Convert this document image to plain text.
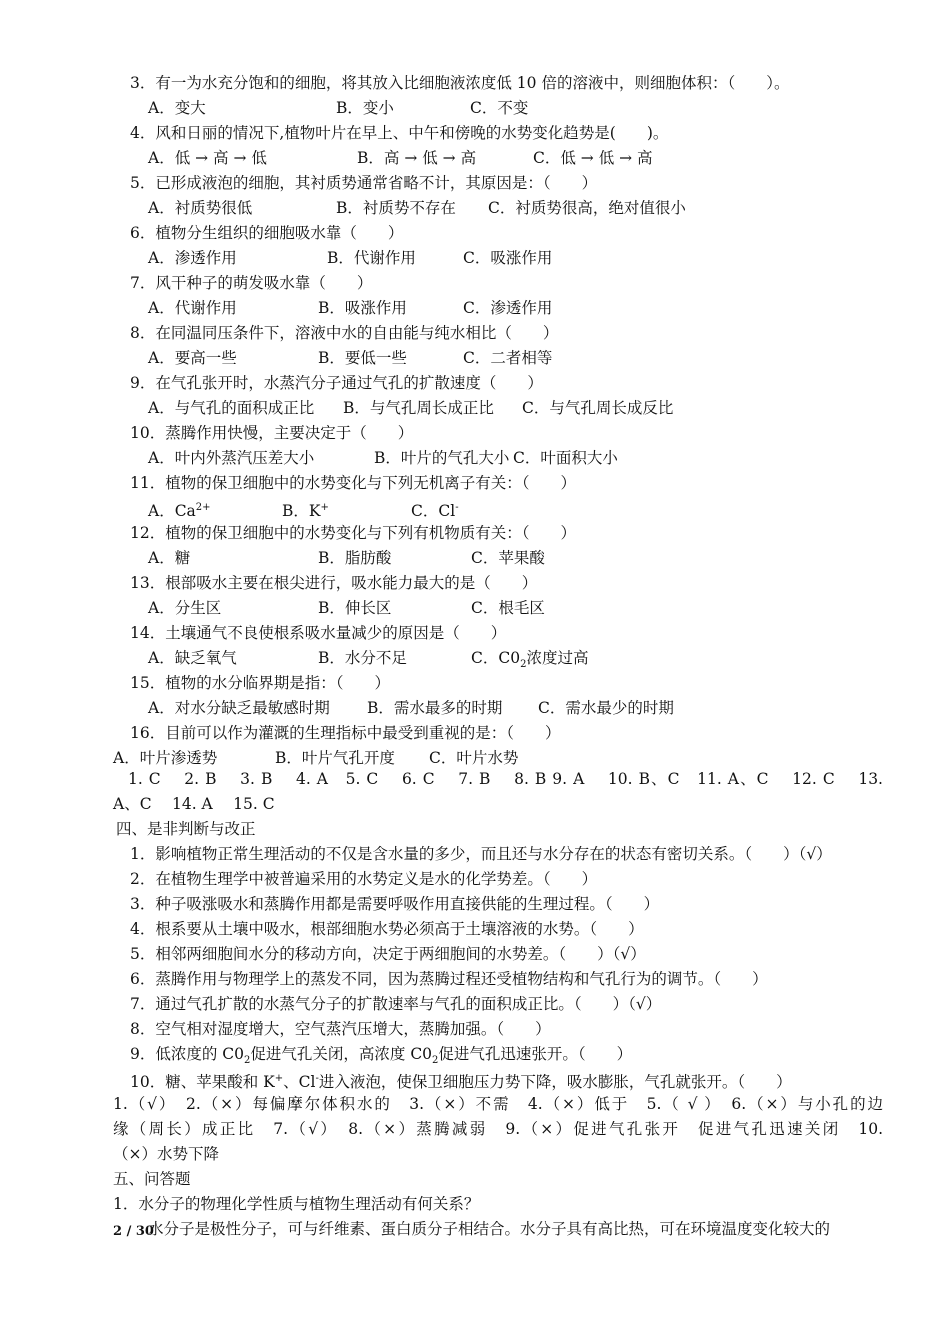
3．有一为水充分饱和的细胞，将其放入比细胞液浓度低 10 倍的溶液中，则细胞体积：（　　）。
A．变大	B．变小	C．不变
4．风和日丽的情况下,植物叶片在早上、中午和傍晚的水势变化趋势是(　　)。
A．低 → 高 → 低	B．高 → 低 → 高	C．低 → 低 → 高
5．已形成液泡的细胞，其衬质势通常省略不计，其原因是：（　　）
A．衬质势很低	B．衬质势不存在 C．衬质势很高，绝对值很小
6．植物分生组织的细胞吸水靠（　　）
A．渗透作用	B．代谢作用	C．吸涨作用
7．风干种子的萌发吸水靠（　　）
A．代谢作用	B．吸涨作用	C．渗透作用
8．在同温同压条件下，溶液中水的自由能与纯水相比（　　）
A．要高一些	B．要低一些	C．二者相等
9．在气孔张开时，水蒸汽分子通过气孔的扩散速度（　　）
A．与气孔的面积成正比 B．与气孔周长成正比 C．与气孔周长成反比
10．蒸腾作用快慢，主要决定于（　　）
A．叶内外蒸汽压差大小	B．叶片的气孔大小 C．叶面积大小
11．植物的保卫细胞中的水势变化与下列无机离子有关：（　　）
A．$Ca^{2+}$	B．K+	C．Cl-
12．植物的保卫细胞中的水势变化与下列有机物质有关：（　　）
A．糖	B．脂肪酸	C．苹果酸
13．根部吸水主要在根尖进行，吸水能力最大的是（　　）
A．分生区	B．伸长区	C．根毛区
14．土壤通气不良使根系吸水量减少的原因是（　　）
A．缺乏氧气	B．水分不足	C．$C0_2$浓度过高
15．植物的水分临界期是指：（　　）
A．对水分缺乏最敏感时期 B．需水最多的时期 C．需水最少的时期
16．目前可以作为灌溉的生理指标中最受到重视的是：（　　）
A．叶片渗透势	B．叶片气孔开度 C．叶片水势
1. C　 2. B　 3. B　 4. A　5. C　 6. C　 7. B　 8. B 9. A　 10. B、C　11. A、C　 12. C　 13.
A、C　 14. A　 15. C
四、是非判断与改正
1．影响植物正常生理活动的不仅是含水量的多少，而且还与水分存在的状态有密切关系。（　　）（√）
2．在植物生理学中被普遍采用的水势定义是水的化学势差。（　　）
3．种子吸涨吸水和蒸腾作用都是需要呼吸作用直接供能的生理过程。（　　）
4．根系要从土壤中吸水，根部细胞水势必须高于土壤溶液的水势。（　　）
5．相邻两细胞间水分的移动方向，决定于两细胞间的水势差。（　　）（√）
6．蒸腾作用与物理学上的蒸发不同，因为蒸腾过程还受植物结构和气孔行为的调节。（　　）
7．通过气孔扩散的水蒸气分子的扩散速率与气孔的面积成正比。（　　）（√）
8．空气相对湿度增大，空气蒸汽压增大，蒸腾加强。（　　）
9．低浓度的 $C0_2$促进气孔关闭，高浓度 $C0_2$促进气孔迅速张开。（　　）
10．糖、苹果酸和 K+、Cl-进入液泡，使保卫细胞压力势下降，吸水膨胀，气孔就张开。（　　）
1.（√）　2.（×）每偏摩尔体积水的　3.（×）不需　4.（×）低于　5.（ √ ）　6.（×）与小孔的边
缘（周长）成正比　7.（√）　8.（×）蒸腾减弱　9.（×）促进气孔张开　促进气孔迅速关闭　10.
（×）水势下降
五、问答题
1．水分子的物理化学性质与植物生理活动有何关系？
水分子是极性分子，可与纤维素、蛋白质分子相结合。水分子具有高比热，可在环境温度变化较大的
2 / 30
